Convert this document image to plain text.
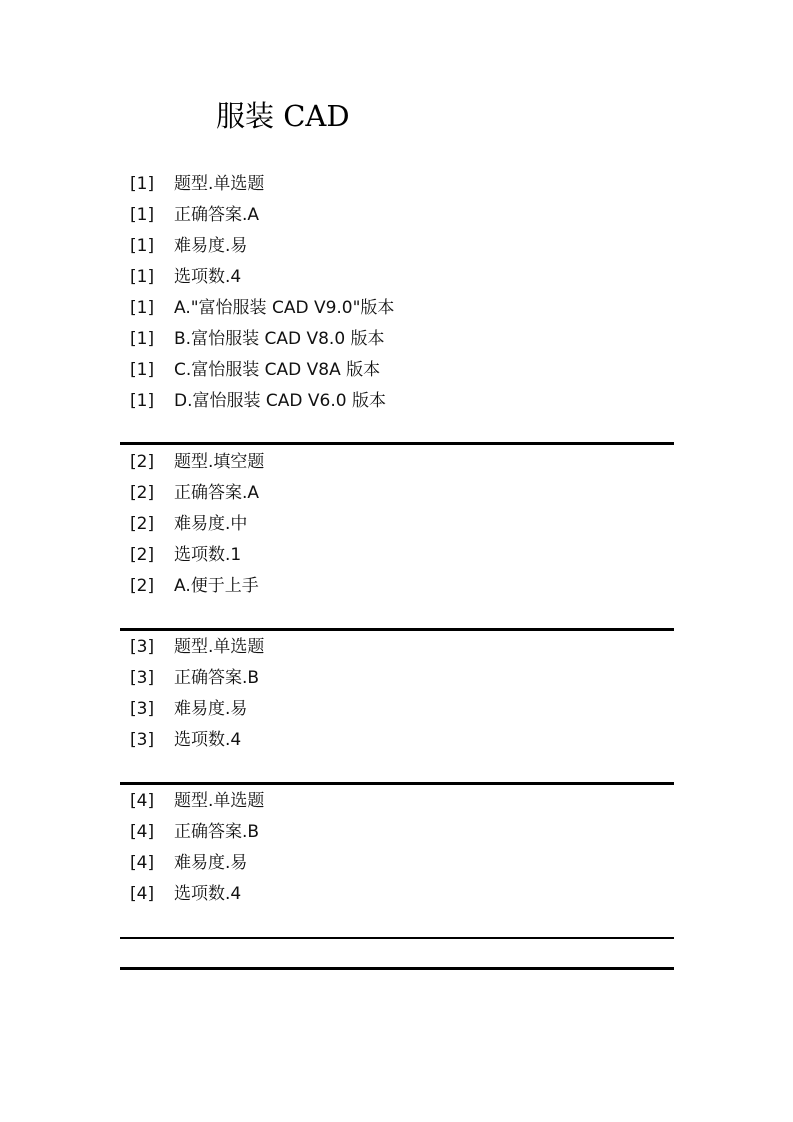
服装 CAD
[1] 题型.单选题
[1] 正确答案.A
[1] 难易度.易
[1] 选项数.4
[1] A."富怡服装 CAD V9.0"版本
[1] B.富怡服装 CAD V8.0 版本
[1] C.富怡服装 CAD V8A 版本
[1] D.富怡服装 CAD V6.0 版本
[2] 题型.填空题
[2] 正确答案.A
[2] 难易度.中
[2] 选项数.1
[2] A.便于上手
[3] 题型.单选题
[3] 正确答案.B
[3] 难易度.易
[3] 选项数.4
[4] 题型.单选题
[4] 正确答案.B
[4] 难易度.易
[4] 选项数.4
